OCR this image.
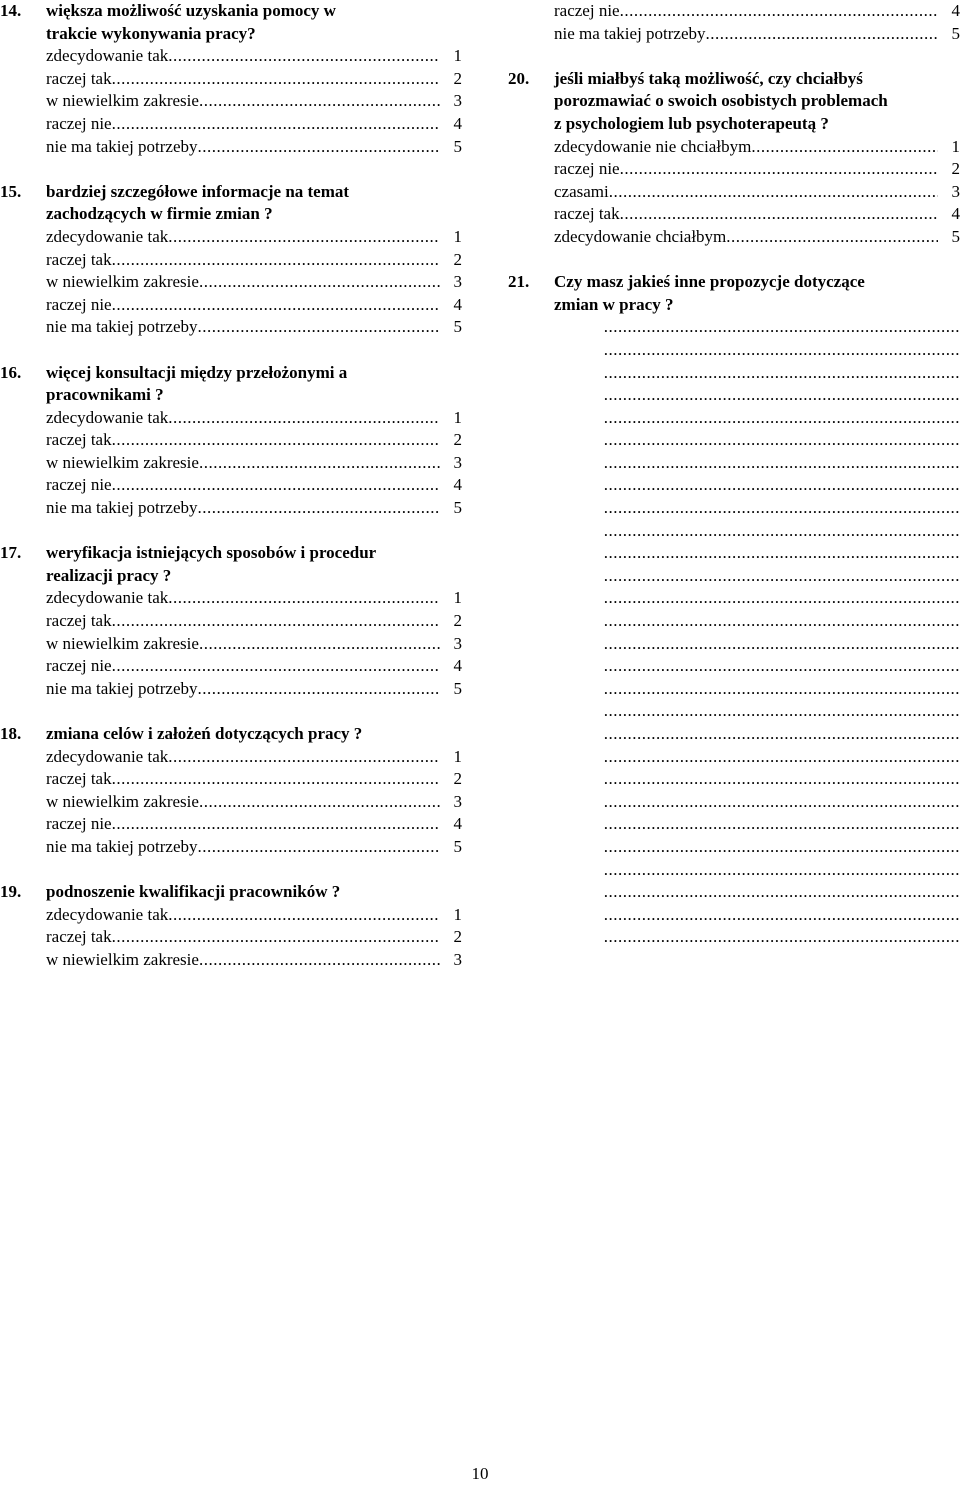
14. większa możliwość uzyskania pomocy w
trakcie wykonywania pracy?
zdecydowanie tak .....	1
raczej tak .....	2
w niewielkim zakresie .....	3
raczej nie .....	4
nie ma takiej potrzeby .....	5
15. bardziej szczegółowe informacje na temat
zachodzących w firmie zmian ?
zdecydowanie tak .....	1
raczej tak .....	2
w niewielkim zakresie .....	3
raczej nie .....	4
nie ma takiej potrzeby .....	5
16. więcej konsultacji między przełożonymi a
pracownikami ?
zdecydowanie tak .....	1
raczej tak .....	2
w niewielkim zakresie .....	3
raczej nie .....	4
nie ma takiej potrzeby .....	5
17. weryfikacja istniejących sposobów i procedur
realizacji pracy ?
zdecydowanie tak .....	1
raczej tak .....	2
w niewielkim zakresie .....	3
raczej nie .....	4
nie ma takiej potrzeby .....	5
18. zmiana celów i założeń dotyczących pracy ?
zdecydowanie tak .....	1
raczej tak .....	2
w niewielkim zakresie .....	3
raczej nie .....	4
nie ma takiej potrzeby .....	5
19. podnoszenie kwalifikacji pracowników ?
zdecydowanie tak .....	1
raczej tak .....	2
w niewielkim zakresie .....	3
raczej nie .....	4
nie ma takiej potrzeby .....	5
20. jeśli miałbyś taką możliwość, czy chciałbyś
porozmawiać o swoich osobistych problemach
z psychologiem lub psychoterapeutą ?
zdecydowanie nie chciałbym .....	1
raczej nie .....	2
czasami .....	3
raczej tak .....	4
zdecydowanie chciałbym .....	5
21. Czy masz jakieś inne propozycje dotyczące
zmian w pracy ?
...........................................................................
...........................................................................
...........................................................................
...........................................................................
...........................................................................
...........................................................................
...........................................................................
...........................................................................
...........................................................................
...........................................................................
...........................................................................
...........................................................................
...........................................................................
...........................................................................
...........................................................................
...........................................................................
...........................................................................
...........................................................................
...........................................................................
...........................................................................
...........................................................................
...........................................................................
...........................................................................
...........................................................................
...........................................................................
...........................................................................
...........................................................................
...........................................................................
10
